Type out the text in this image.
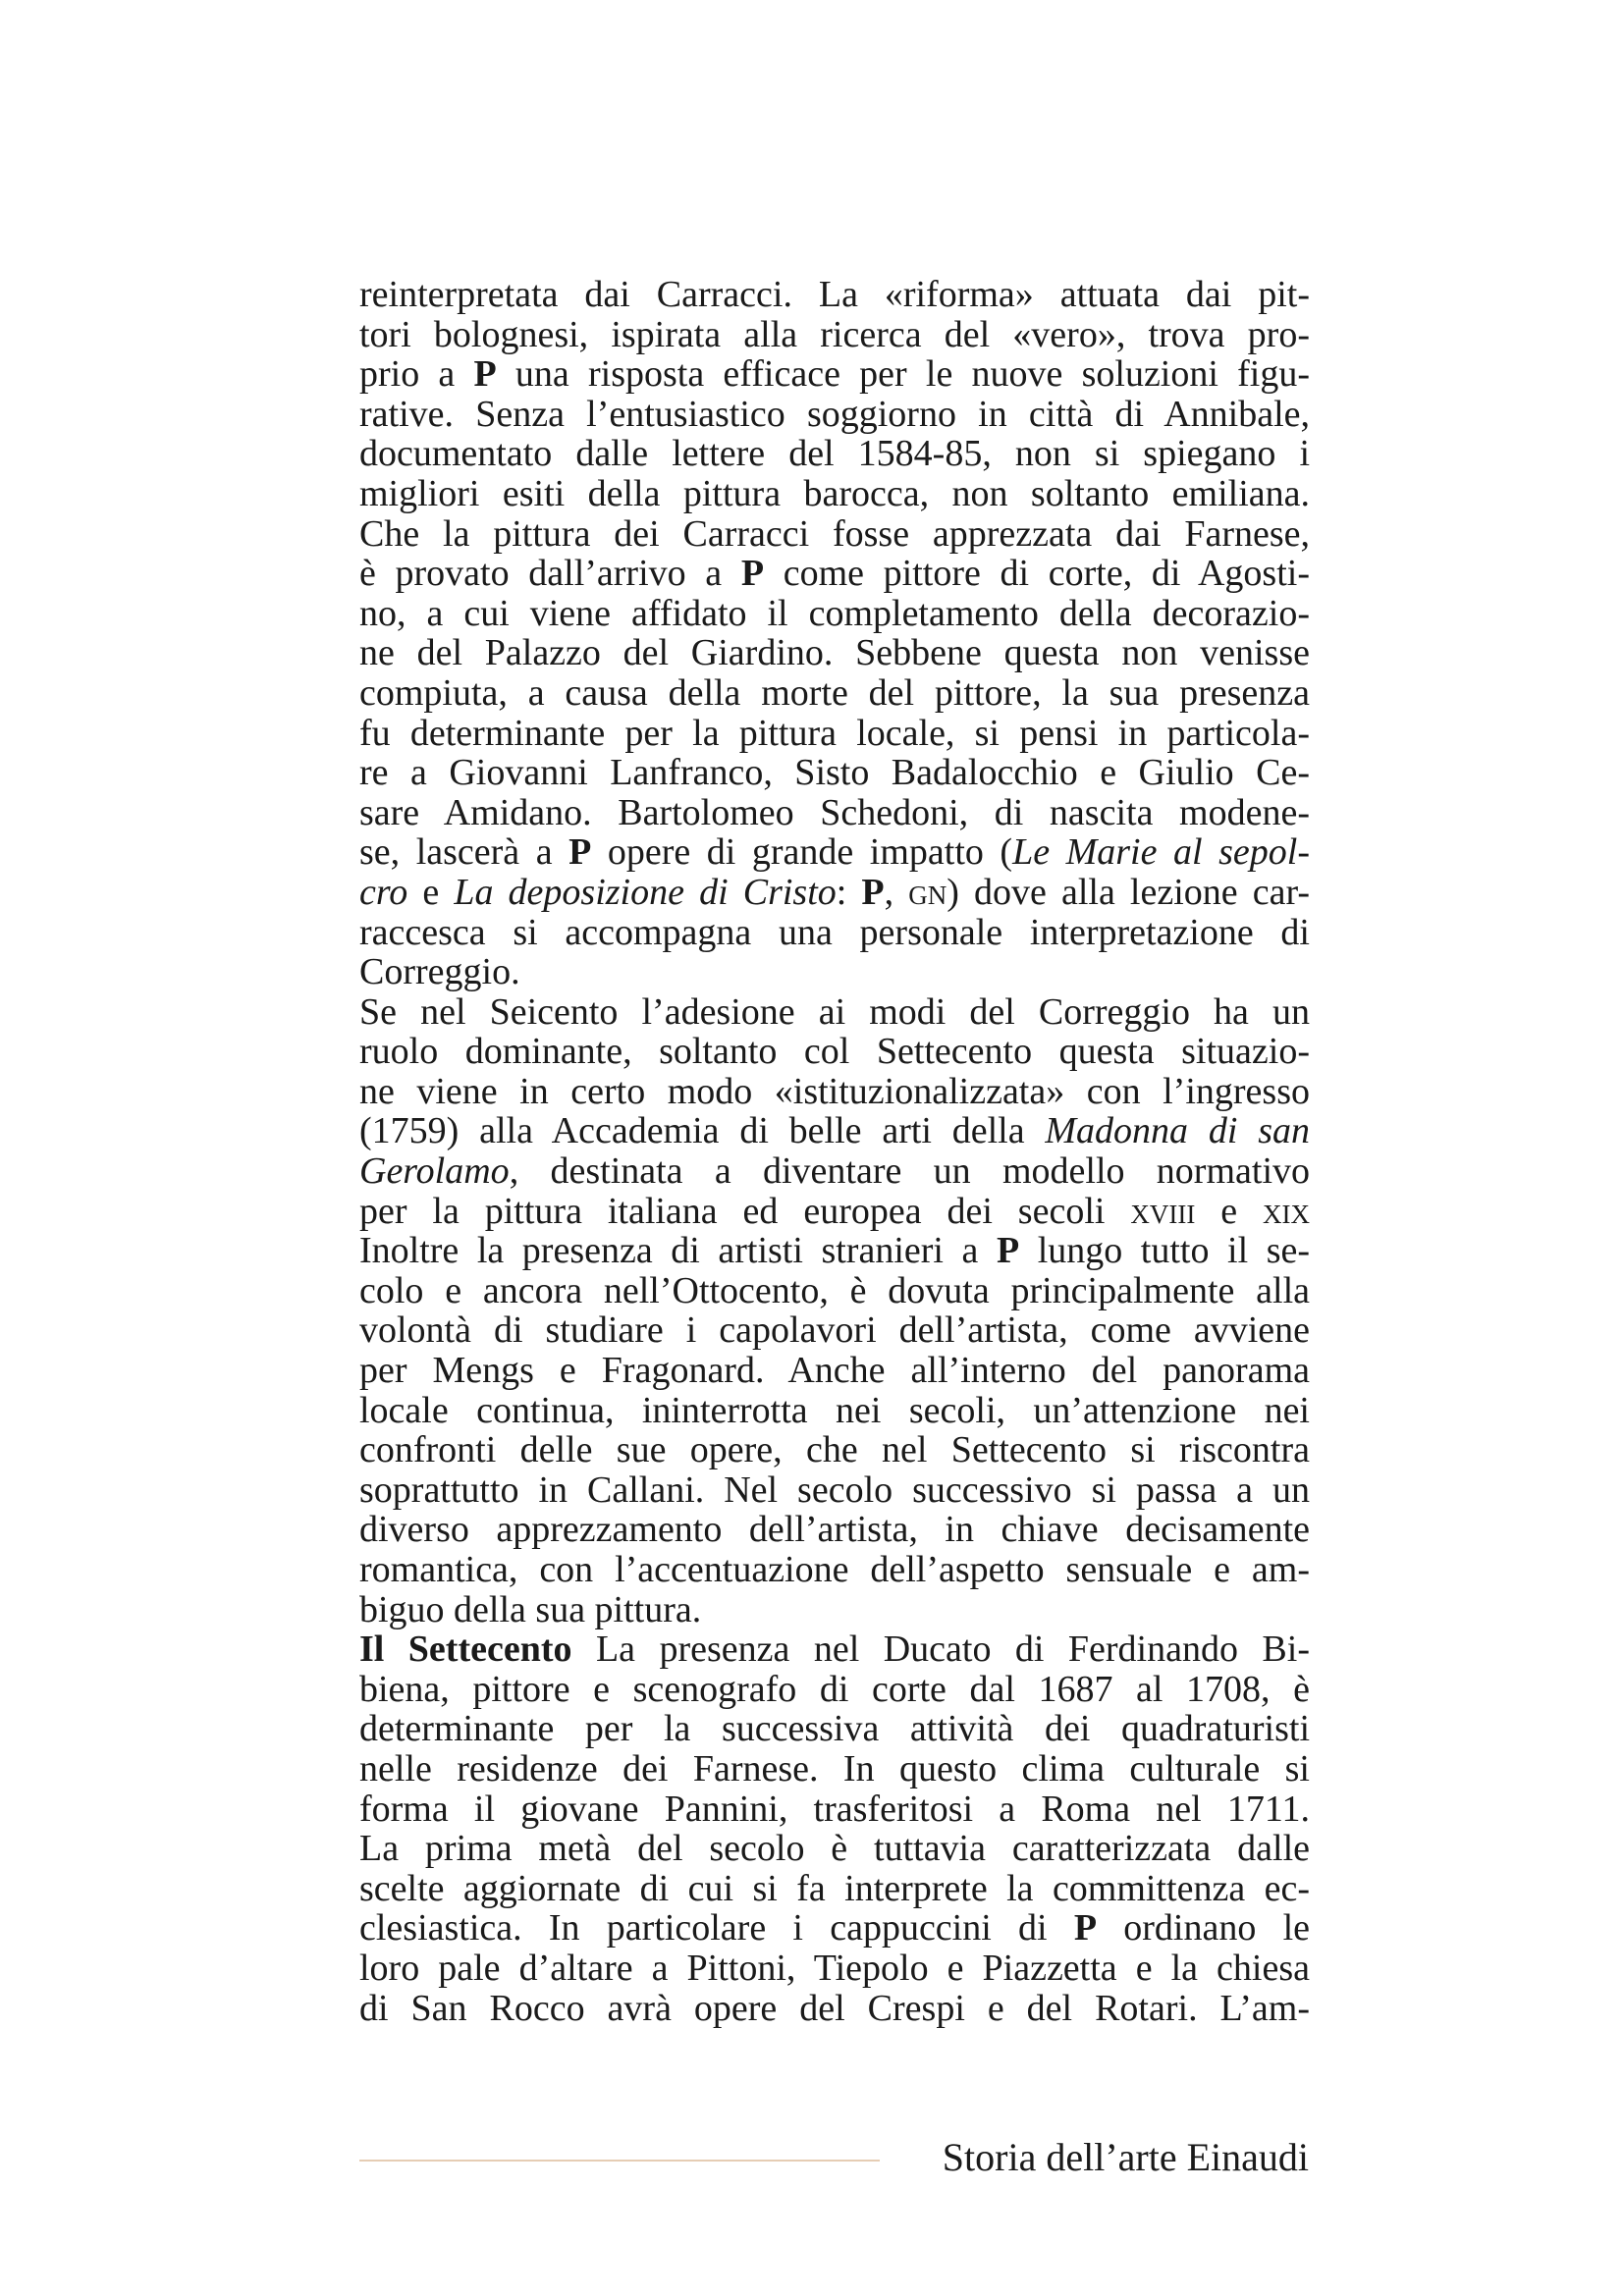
reinterpretata dai Carracci. La «riforma» attuata dai pit-
tori bolognesi, ispirata alla ricerca del «vero», trova pro-
prio a P una risposta efficace per le nuove soluzioni figu-
rative. Senza l’entusiastico soggiorno in città di Annibale,
documentato dalle lettere del 1584-85, non si spiegano i
migliori esiti della pittura barocca, non soltanto emiliana.
Che la pittura dei Carracci fosse apprezzata dai Farnese,
è provato dall’arrivo a P come pittore di corte, di Agosti-
no, a cui viene affidato il completamento della decorazio-
ne del Palazzo del Giardino. Sebbene questa non venisse
compiuta, a causa della morte del pittore, la sua presenza
fu determinante per la pittura locale, si pensi in particola-
re a Giovanni Lanfranco, Sisto Badalocchio e Giulio Ce-
sare Amidano. Bartolomeo Schedoni, di nascita modene-
se, lascerà a P opere di grande impatto (Le Marie al sepol-
cro e La deposizione di Cristo: P, gn) dove alla lezione car-
raccesca si accompagna una personale interpretazione di
Correggio.
Se nel Seicento l’adesione ai modi del Correggio ha un
ruolo dominante, soltanto col Settecento questa situazio-
ne viene in certo modo «istituzionalizzata» con l’ingresso
(1759) alla Accademia di belle arti della Madonna di san
Gerolamo, destinata a diventare un modello normativo
per la pittura italiana ed europea dei secoli xviii e xix
Inoltre la presenza di artisti stranieri a P lungo tutto il se-
colo e ancora nell’Ottocento, è dovuta principalmente alla
volontà di studiare i capolavori dell’artista, come avviene
per Mengs e Fragonard. Anche all’interno del panorama
locale continua, ininterrotta nei secoli, un’attenzione nei
confronti delle sue opere, che nel Settecento si riscontra
soprattutto in Callani. Nel secolo successivo si passa a un
diverso apprezzamento dell’artista, in chiave decisamente
romantica, con l’accentuazione dell’aspetto sensuale e am-
biguo della sua pittura.
Il Settecento La presenza nel Ducato di Ferdinando Bi-
biena, pittore e scenografo di corte dal 1687 al 1708, è
determinante per la successiva attività dei quadraturisti
nelle residenze dei Farnese. In questo clima culturale si
forma il giovane Pannini, trasferitosi a Roma nel 1711.
La prima metà del secolo è tuttavia caratterizzata dalle
scelte aggiornate di cui si fa interprete la committenza ec-
clesiastica. In particolare i cappuccini di P ordinano le
loro pale d’altare a Pittoni, Tiepolo e Piazzetta e la chiesa
di San Rocco avrà opere del Crespi e del Rotari. L’am-
Storia dell’arte Einaudi
